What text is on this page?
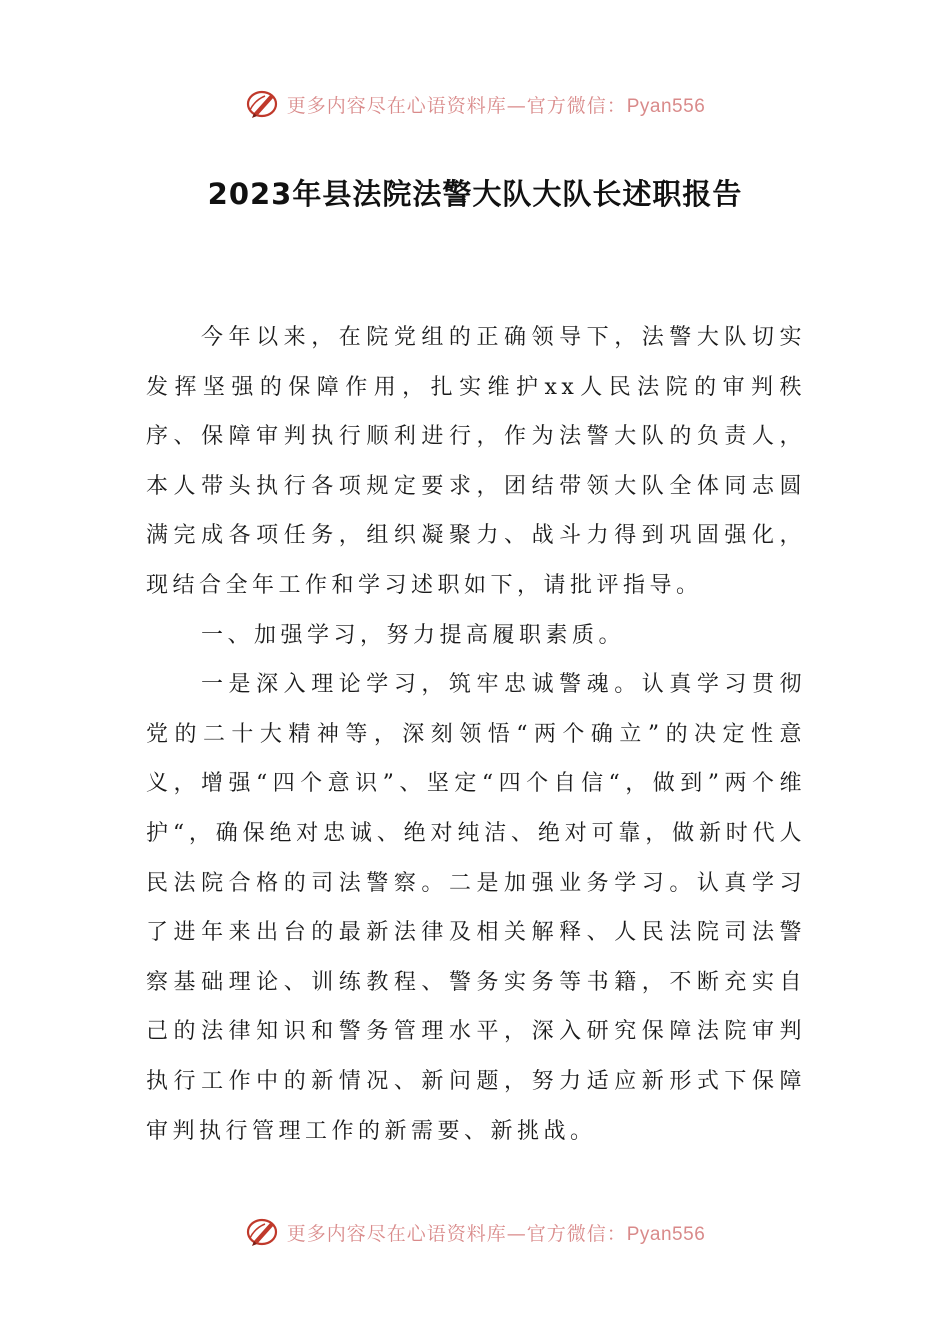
更多内容尽在心语资料库—官方微信：Pyan556
2023年县法院法警大队大队长述职报告

今年以来，在院党组的正确领导下，法警大队切实发挥坚强的保障作用，扎实维护xx人民法院的审判秩序、保障审判执行顺利进行，作为法警大队的负责人，本人带头执行各项规定要求，团结带领大队全体同志圆满完成各项任务，组织凝聚力、战斗力得到巩固强化，现结合全年工作和学习述职如下，请批评指导。

一、加强学习，努力提高履职素质。

一是深入理论学习，筑牢忠诚警魂。认真学习贯彻党的二十大精神等，深刻领悟“两个确立”的决定性意义，增强“四个意识”、坚定“四个自信“，做到”两个维护“，确保绝对忠诚、绝对纯洁、绝对可靠，做新时代人民法院合格的司法警察。二是加强业务学习。认真学习了进年来出台的最新法律及相关解释、人民法院司法警察基础理论、训练教程、警务实务等书籍，不断充实自己的法律知识和警务管理水平，深入研究保障法院审判执行工作中的新情况、新问题，努力适应新形式下保障审判执行管理工作的新需要、新挑战。

更多内容尽在心语资料库—官方微信：Pyan556
